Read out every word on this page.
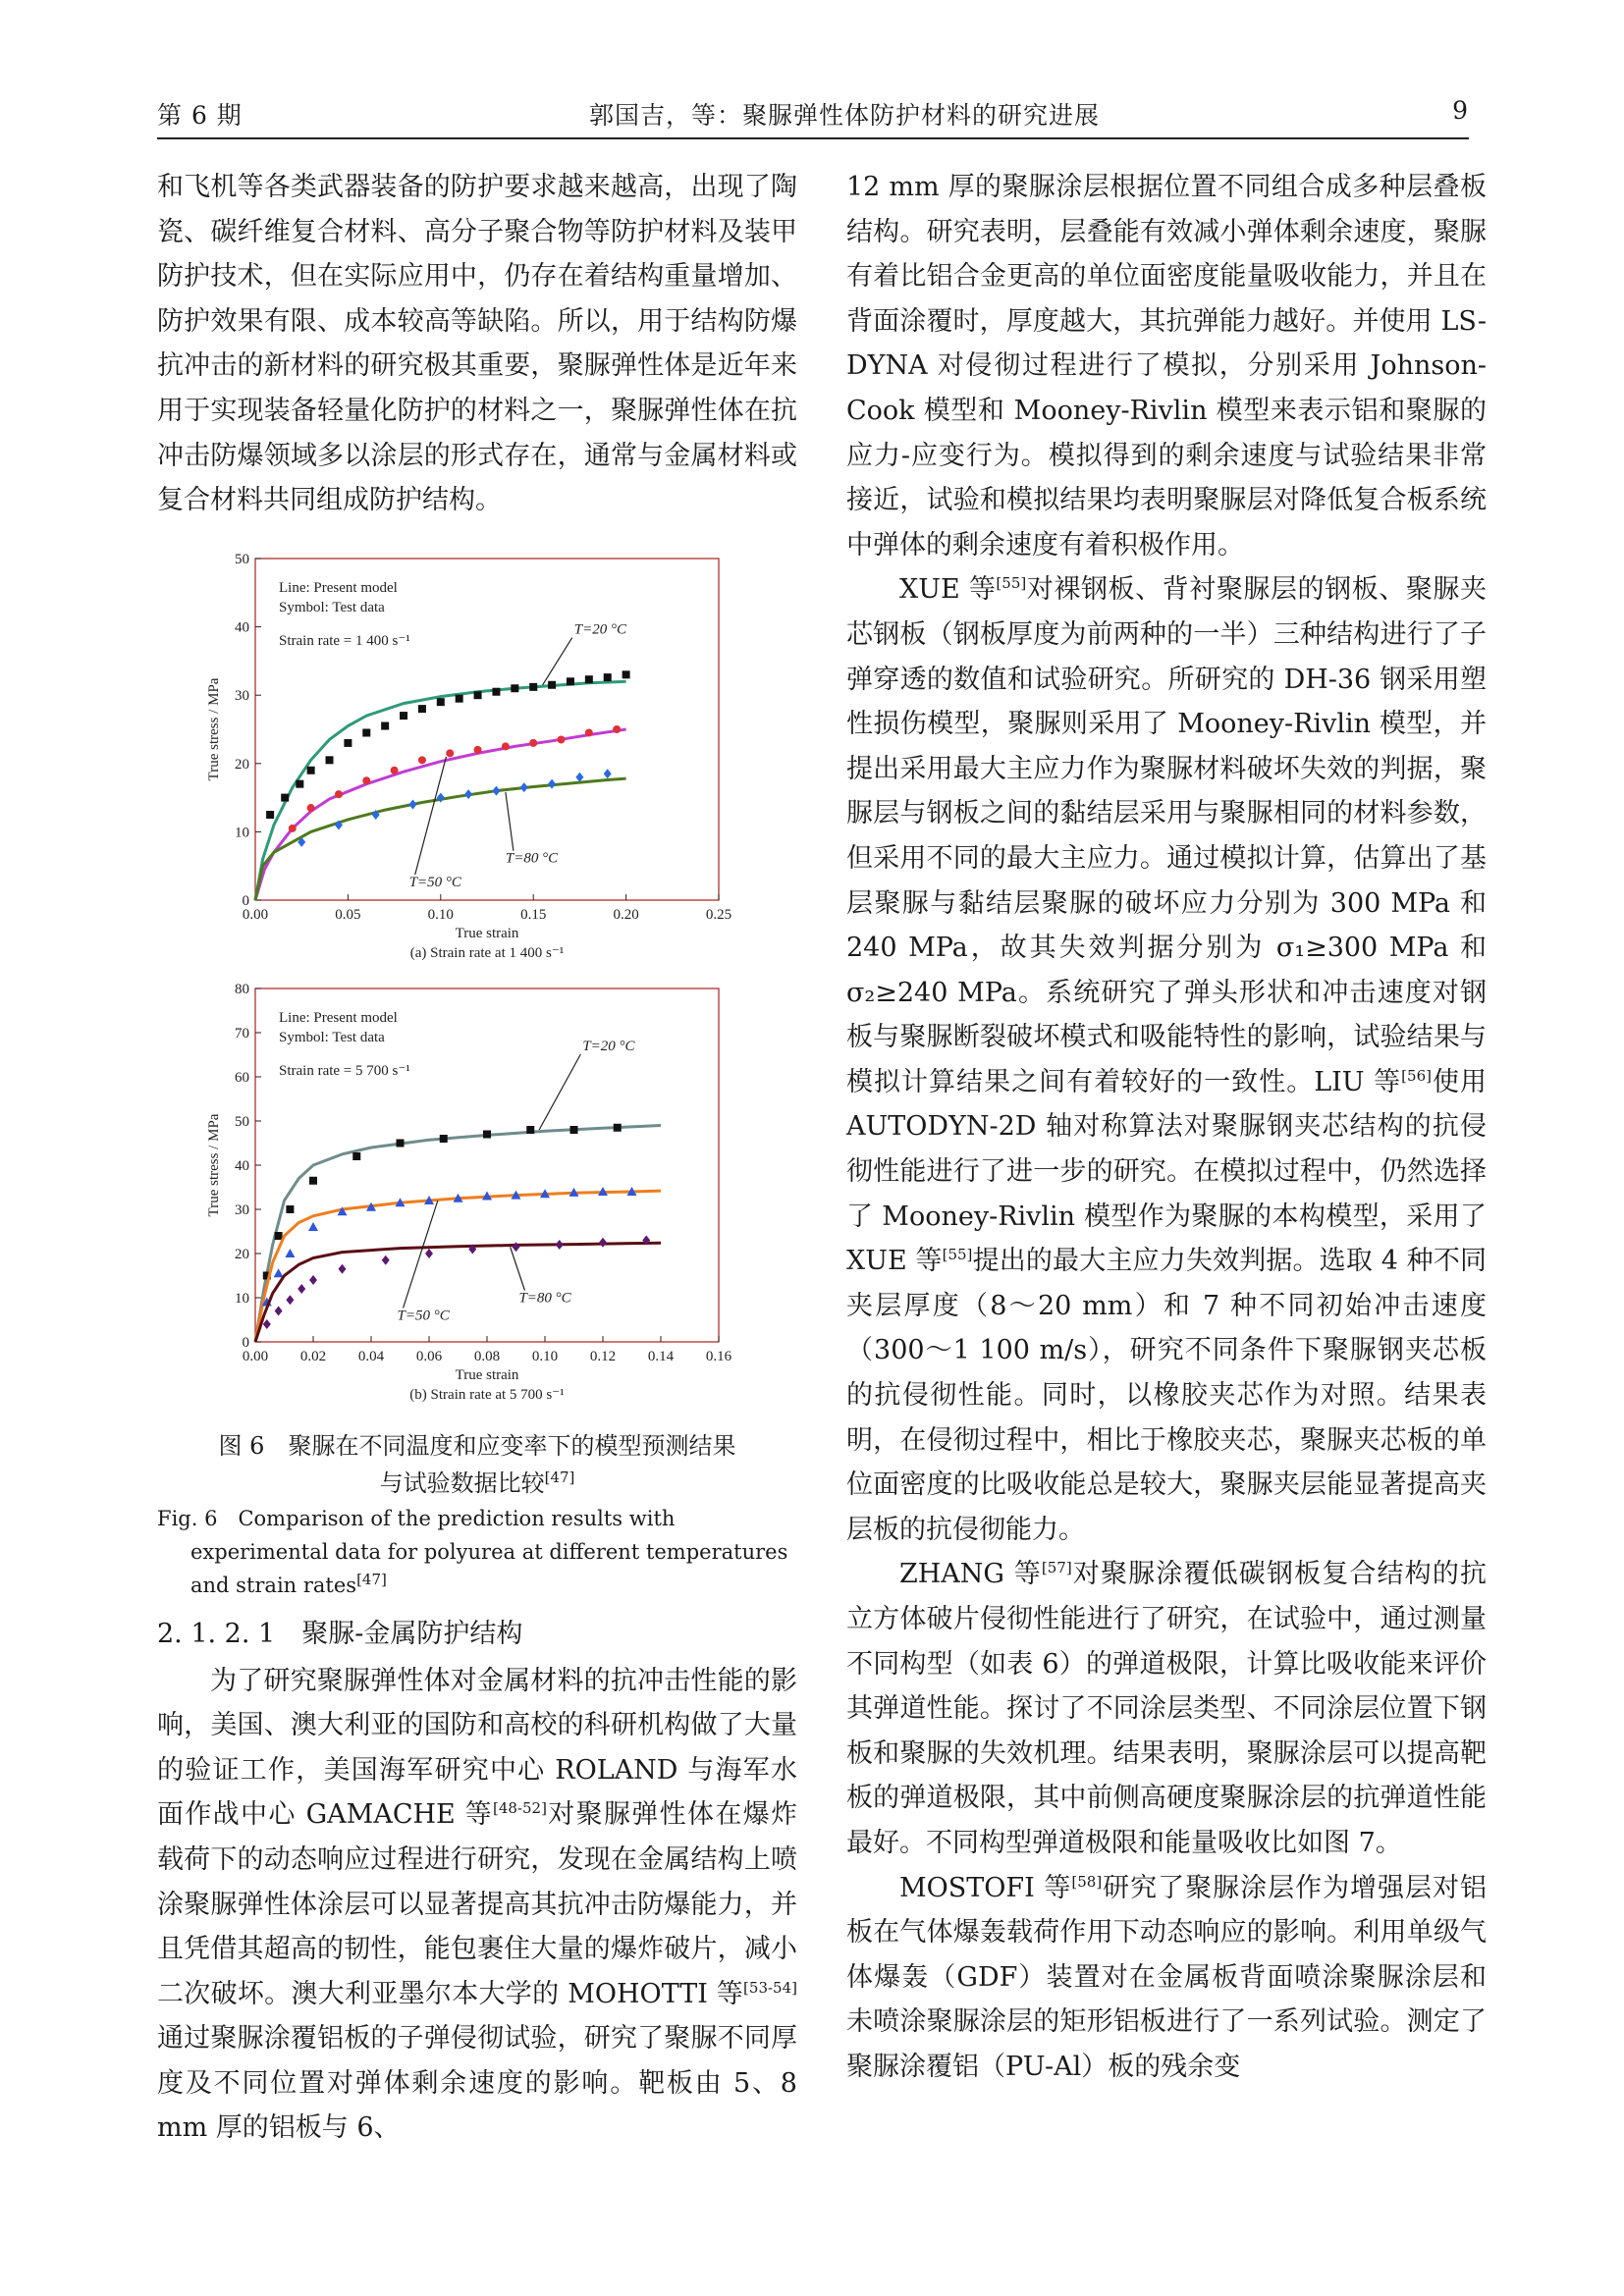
第 6 期	郭国吉，等：聚脲弹性体防护材料的研究进展	9

和飞机等各类武器装备的防护要求越来越高，出现了陶瓷、碳纤维复合材料、高分子聚合物等防护材料及装甲防护技术，但在实际应用中，仍存在着结构重量增加、防护效果有限、成本较高等缺陷。所以，用于结构防爆抗冲击的新材料的研究极其重要，聚脲弹性体是近年来用于实现装备轻量化防护的材料之一，聚脲弹性体在抗冲击防爆领域多以涂层的形式存在，通常与金属材料或复合材料共同组成防护结构。

0.00	0.05	0.10	0.15	0.20	0.25
0
10
20
30
40
50
True strain
True stress / MPa
Line: Present model
Symbol: Test data
Strain rate = 1 400 s⁻¹
T=20 °C
T=50 °C
T=80 °C
(a) Strain rate at 1 400 s⁻¹

0.00 0.02 0.04 0.06 0.08 0.10 0.12 0.14 0.16
0
10
20
30
40
50
60
70
80
True strain
True stress / MPa
Line: Present model
Symbol: Test data
Strain rate = 5 700 s⁻¹
T=20 °C
T=50 °C
T=80 °C
(b) Strain rate at 5 700 s⁻¹

图 6　聚脲在不同温度和应变率下的模型预测结果
与试验数据比较[47]

Fig. 6　Comparison of the prediction results with experimental data for polyurea at different temperatures and strain rates[47]

2. 1. 2. 1　聚脲-金属防护结构

为了研究聚脲弹性体对金属材料的抗冲击性能的影响，美国、澳大利亚的国防和高校的科研机构做了大量的验证工作，美国海军研究中心 ROLAND 与海军水面作战中心 GAMACHE 等[48-52]对聚脲弹性体在爆炸载荷下的动态响应过程进行研究，发现在金属结构上喷涂聚脲弹性体涂层可以显著提高其抗冲击防爆能力，并且凭借其超高的韧性，能包裹住大量的爆炸破片，减小二次破坏。澳大利亚墨尔本大学的 MOHOTTI 等[53-54]通过聚脲涂覆铝板的子弹侵彻试验，研究了聚脲不同厚度及不同位置对弹体剩余速度的影响。靶板由 5、8 mm 厚的铝板与 6、

12 mm 厚的聚脲涂层根据位置不同组合成多种层叠板结构。研究表明，层叠能有效减小弹体剩余速度，聚脲有着比铝合金更高的单位面密度能量吸收能力，并且在背面涂覆时，厚度越大，其抗弹能力越好。并使用 LS-DYNA 对侵彻过程进行了模拟，分别采用 Johnson-Cook 模型和 Mooney-Rivlin 模型来表示铝和聚脲的应力-应变行为。模拟得到的剩余速度与试验结果非常接近，试验和模拟结果均表明聚脲层对降低复合板系统中弹体的剩余速度有着积极作用。

XUE 等[55]对裸钢板、背衬聚脲层的钢板、聚脲夹芯钢板（钢板厚度为前两种的一半）三种结构进行了子弹穿透的数值和试验研究。所研究的 DH-36 钢采用塑性损伤模型，聚脲则采用了 Mooney-Rivlin 模型，并提出采用最大主应力作为聚脲材料破坏失效的判据，聚脲层与钢板之间的黏结层采用与聚脲相同的材料参数，但采用不同的最大主应力。通过模拟计算，估算出了基层聚脲与黏结层聚脲的破坏应力分别为 300 MPa 和 240 MPa，故其失效判据分别为 σ₁≥300 MPa 和 σ₂≥240 MPa。系统研究了弹头形状和冲击速度对钢板与聚脲断裂破坏模式和吸能特性的影响，试验结果与模拟计算结果之间有着较好的一致性。LIU 等[56]使用 AUTODYN-2D 轴对称算法对聚脲钢夹芯结构的抗侵彻性能进行了进一步的研究。在模拟过程中，仍然选择了 Mooney-Rivlin 模型作为聚脲的本构模型，采用了 XUE 等[55]提出的最大主应力失效判据。选取 4 种不同夹层厚度（8～20 mm）和 7 种不同初始冲击速度（300～1 100 m/s），研究不同条件下聚脲钢夹芯板的抗侵彻性能。同时，以橡胶夹芯作为对照。结果表明，在侵彻过程中，相比于橡胶夹芯，聚脲夹芯板的单位面密度的比吸收能总是较大，聚脲夹层能显著提高夹层板的抗侵彻能力。

ZHANG 等[57]对聚脲涂覆低碳钢板复合结构的抗立方体破片侵彻性能进行了研究，在试验中，通过测量不同构型（如表 6）的弹道极限，计算比吸收能来评价其弹道性能。探讨了不同涂层类型、不同涂层位置下钢板和聚脲的失效机理。结果表明，聚脲涂层可以提高靶板的弹道极限，其中前侧高硬度聚脲涂层的抗弹道性能最好。不同构型弹道极限和能量吸收比如图 7。

MOSTOFI 等[58]研究了聚脲涂层作为增强层对铝板在气体爆轰载荷作用下动态响应的影响。利用单级气体爆轰（GDF）装置对在金属板背面喷涂聚脲涂层和未喷涂聚脲涂层的矩形铝板进行了一系列试验。测定了聚脲涂覆铝（PU-Al）板的残余变
